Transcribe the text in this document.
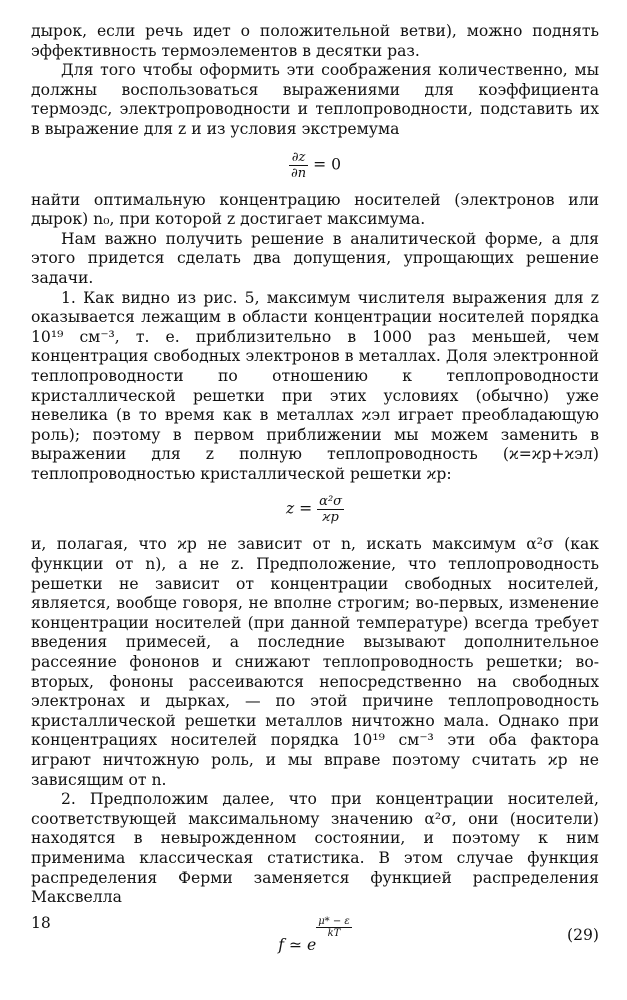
дырок, если речь идет о положительной ветви), можно поднять эффективность термоэлементов в десятки раз.

Для того чтобы оформить эти соображения количественно, мы должны воспользоваться выражениями для коэффициента термоэдс, электропроводности и теплопроводности, подставить их в выражение для z и из условия экстремума

$\frac{\partial z}{\partial n} = 0$

найти оптимальную концентрацию носителей (электронов или дырок) n₀, при которой z достигает максимума.

Нам важно получить решение в аналитической форме, а для этого придется сделать два допущения, упрощающих решение задачи.

1. Как видно из рис. 5, максимум числителя выражения для z оказывается лежащим в области концентрации носителей порядка 10¹⁹ см⁻³, т. е. приблизительно в 1000 раз меньшей, чем концентрация свободных электронов в металлах. Доля электронной теплопроводности по отношению к теплопроводности кристаллической решетки при этих условиях (обычно) уже невелика (в то время как в металлах ϰэл играет преобладающую роль); поэтому в первом приближении мы можем заменить в выражении для z полную теплопроводность (ϰ=ϰр+ϰэл) теплопроводностью кристаллической решетки ϰр:

$z = \frac{\text{α²σ}}{ϰр}$

и, полагая, что ϰр не зависит от n, искать максимум α²σ (как функции от n), а не z. Предположение, что теплопроводность решетки не зависит от концентрации свободных носителей, является, вообще говоря, не вполне строгим; во-первых, изменение концентрации носителей (при данной температуре) всегда требует введения примесей, а последние вызывают дополнительное рассеяние фононов и снижают теплопроводность решетки; во-вторых, фононы рассеиваются непосредственно на свободных электронах и дырках, — по этой причине теплопроводность кристаллической решетки металлов ничтожно мала. Однако при концентрациях носителей порядка 10¹⁹ см⁻³ эти оба фактора играют ничтожную роль, и мы вправе поэтому считать ϰр не зависящим от n.

2. Предположим далее, что при концентрации носителей, соответствующей максимальному значению α²σ, они (носители) находятся в невырожденном состоянии, и поэтому к ним применима классическая статистика. В этом случае функция распределения Ферми заменяется функцией распределения Максвелла

f ≃ e
$\frac{\mu* - \varepsilon}{kT}$	(29)
18
